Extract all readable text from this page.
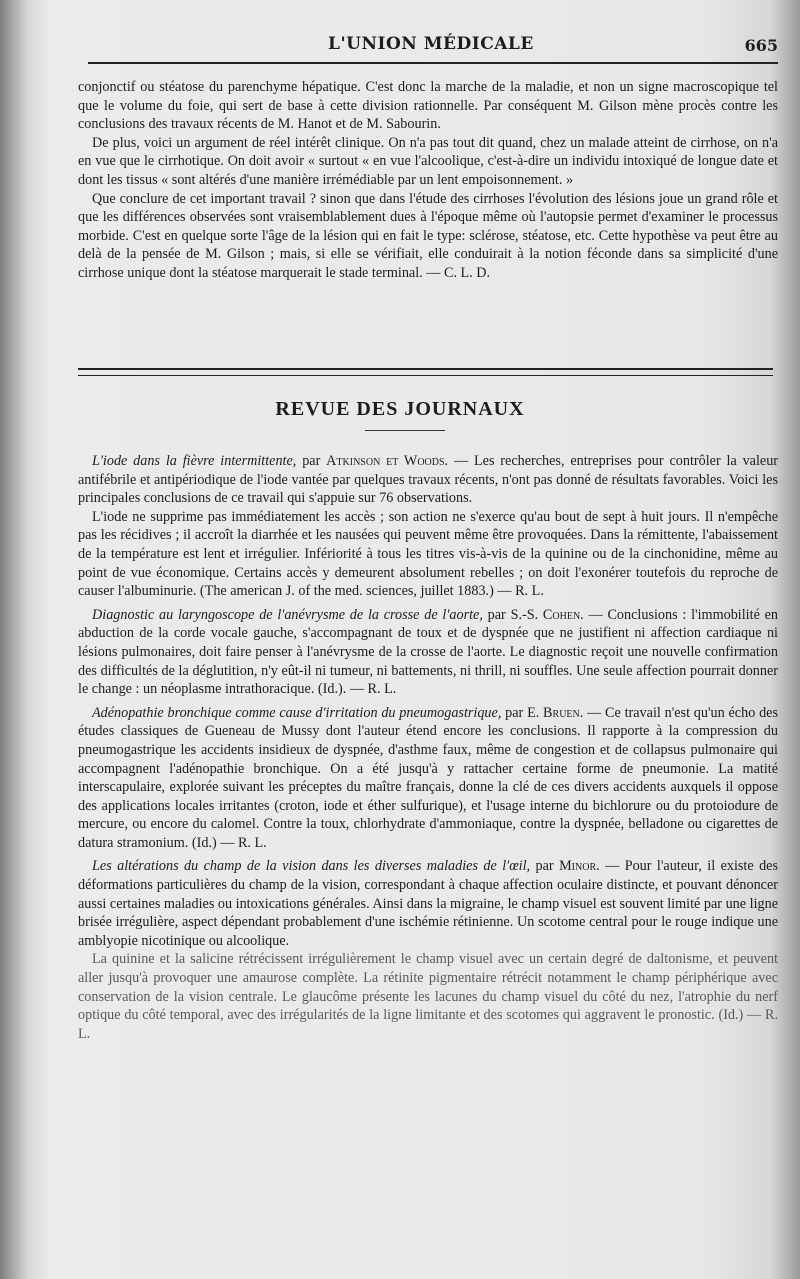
L'UNION MÉDICALE	665

conjonctif ou stéatose du parenchyme hépatique. C'est donc la marche de la maladie, et non un signe macroscopique tel que le volume du foie, qui sert de base à cette division rationnelle. Par conséquent M. Gilson mène procès contre les conclusions des travaux récents de M. Hanot et de M. Sabourin.

De plus, voici un argument de réel intérêt clinique. On n'a pas tout dit quand, chez un malade atteint de cirrhose, on n'a en vue que le cirrhotique. On doit avoir « surtout « en vue l'alcoolique, c'est-à-dire un individu intoxiqué de longue date et dont les tissus « sont altérés d'une manière irrémédiable par un lent empoisonnement. »

Que conclure de cet important travail ? sinon que dans l'étude des cirrhoses l'évolution des lésions joue un grand rôle et que les différences observées sont vraisemblablement dues à l'époque même où l'autopsie permet d'examiner le processus morbide. C'est en quelque sorte l'âge de la lésion qui en fait le type: sclérose, stéatose, etc. Cette hypothèse va peut être au delà de la pensée de M. Gilson ; mais, si elle se vérifiait, elle conduirait à la notion féconde dans sa simplicité d'une cirrhose unique dont la stéatose marquerait le stade terminal. — C. L. D.

REVUE DES JOURNAUX

L'iode dans la fièvre intermittente, par Atkinson et Woods. — Les recherches, entreprises pour contrôler la valeur antifébrile et antipériodique de l'iode vantée par quelques travaux récents, n'ont pas donné de résultats favorables. Voici les principales conclusions de ce travail qui s'appuie sur 76 observations.

L'iode ne supprime pas immédiatement les accès ; son action ne s'exerce qu'au bout de sept à huit jours. Il n'empêche pas les récidives ; il accroît la diarrhée et les nausées qui peuvent même être provoquées. Dans la rémittente, l'abaissement de la température est lent et irrégulier. Infériorité à tous les titres vis-à-vis de la quinine ou de la cinchonidine, même au point de vue économique. Certains accès y demeurent absolument rebelles ; on doit l'exonérer toutefois du reproche de causer l'albuminurie. (The american J. of the med. sciences, juillet 1883.) — R. L.

Diagnostic au laryngoscope de l'anévrysme de la crosse de l'aorte, par S.-S. Cohen. — Conclusions : l'immobilité en abduction de la corde vocale gauche, s'accompagnant de toux et de dyspnée que ne justifient ni affection cardiaque ni lésions pulmonaires, doit faire penser à l'anévrysme de la crosse de l'aorte. Le diagnostic reçoit une nouvelle confirmation des difficultés de la déglutition, n'y eût-il ni tumeur, ni battements, ni thrill, ni souffles. Une seule affection pourrait donner le change : un néoplasme intrathoracique. (Id.). — R. L.

Adénopathie bronchique comme cause d'irritation du pneumogastrique, par E. Bruen. — Ce travail n'est qu'un écho des études classiques de Gueneau de Mussy dont l'auteur étend encore les conclusions. Il rapporte à la compression du pneumogastrique les accidents insidieux de dyspnée, d'asthme faux, même de congestion et de collapsus pulmonaire qui accompagnent l'adénopathie bronchique. On a été jusqu'à y rattacher certaine forme de pneumonie. La matité interscapulaire, explorée suivant les préceptes du maître français, donne la clé de ces divers accidents auxquels il oppose des applications locales irritantes (croton, iode et éther sulfurique), et l'usage interne du bichlorure ou du protoiodure de mercure, ou encore du calomel. Contre la toux, chlorhydrate d'ammoniaque, contre la dyspnée, belladone ou cigarettes de datura stramonium. (Id.) — R. L.

Les altérations du champ de la vision dans les diverses maladies de l'œil, par Minor. — Pour l'auteur, il existe des déformations particulières du champ de la vision, correspondant à chaque affection oculaire distincte, et pouvant dénoncer aussi certaines maladies ou intoxications générales. Ainsi dans la migraine, le champ visuel est souvent limité par une ligne brisée irrégulière, aspect dépendant probablement d'une ischémie rétinienne. Un scotome central pour le rouge indique une amblyopie nicotinique ou alcoolique.

La quinine et la salicine rétrécissent irrégulièrement le champ visuel avec un certain degré de daltonisme, et peuvent aller jusqu'à provoquer une amaurose complète. La rétinite pigmentaire rétrécit notamment le champ périphérique avec conservation de la vision centrale. Le glaucôme présente les lacunes du champ visuel du côté du nez, l'atrophie du nerf optique du côté temporal, avec des irrégularités de la ligne limitante et des scotomes qui aggravent le pronostic. (Id.) — R. L.
